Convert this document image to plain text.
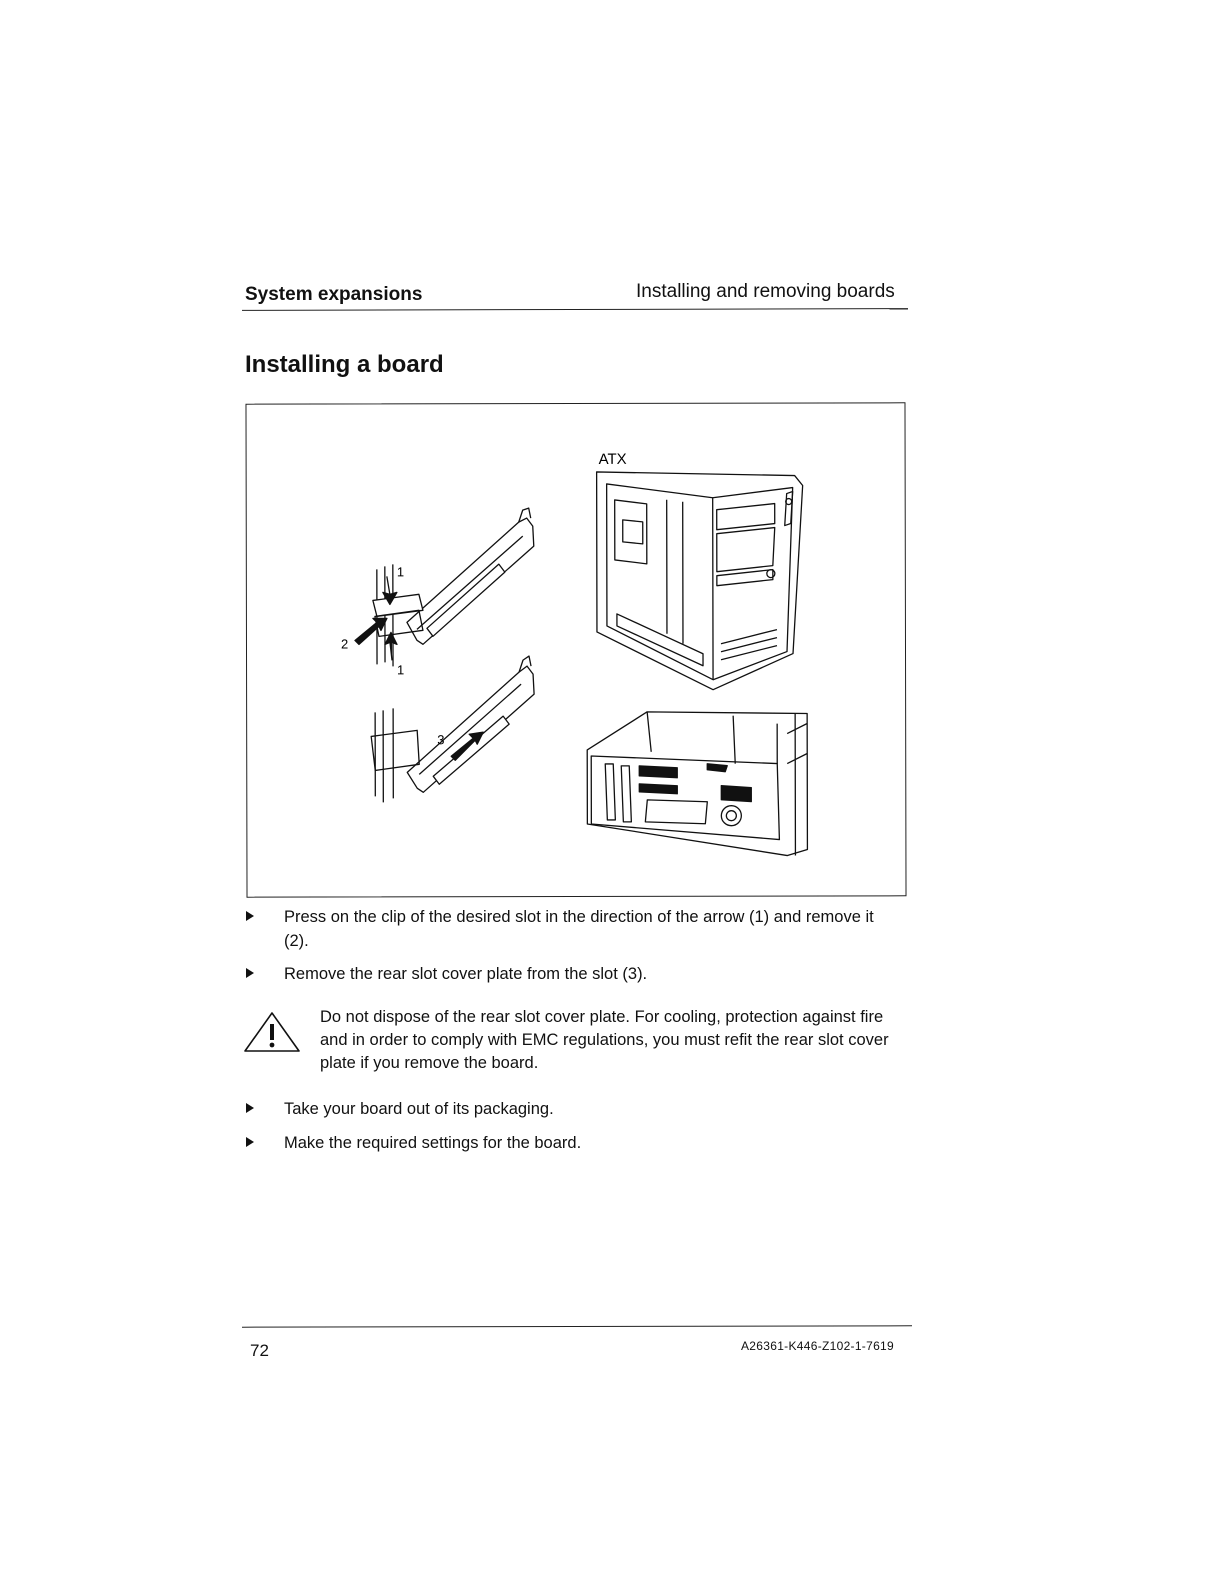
System expansions	Installing and removing boards
Installing a board
ATX
1
2
1
3
Press on the clip of the desired slot in the direction of the arrow (1) and remove it (2).
Remove the rear slot cover plate from the slot (3).
Do not dispose of the rear slot cover plate. For cooling, protection against fire and in order to comply with EMC regulations, you must refit the rear slot cover plate if you remove the board.
Take your board out of its packaging.
Make the required settings for the board.
72	A26361-K446-Z102-1-7619
